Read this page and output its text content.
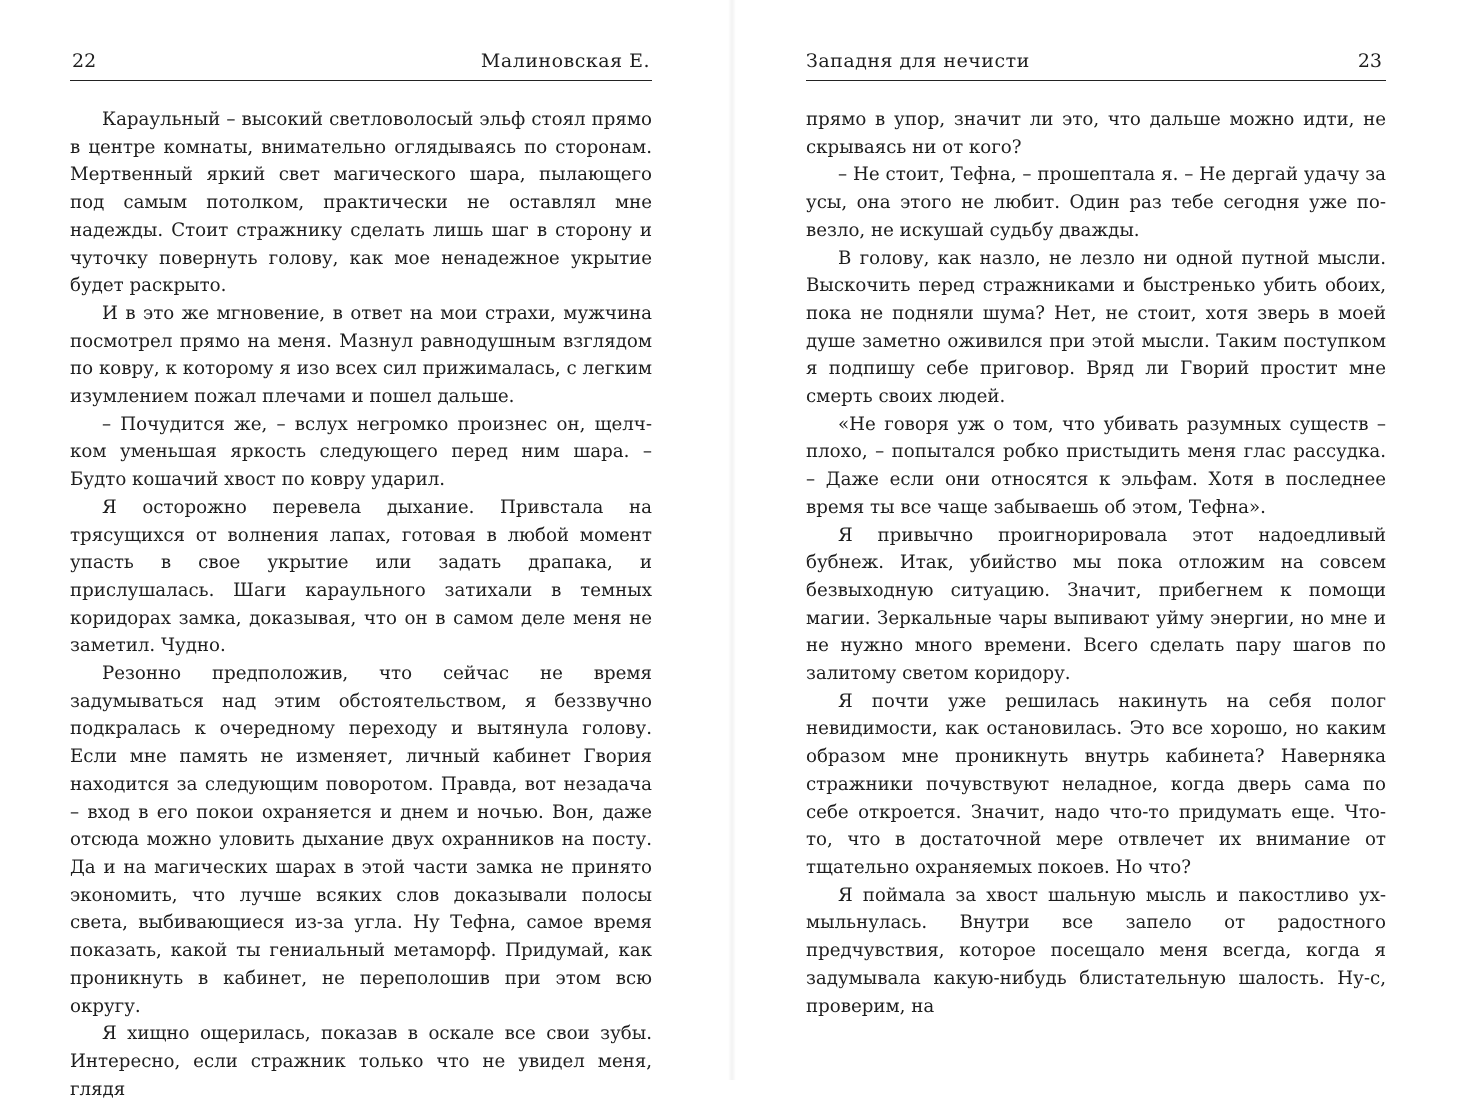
22	Малиновская Е.

Караульный – высокий светловолосый эльф стоял прямо в центре комнаты, внимательно оглядываясь по сторонам. Мертвенный яркий свет магического шара, пылающего под самым потолком, практически не оставлял мне надежды. Стоит стражнику сделать лишь шаг в сторону и чуточку повернуть голову, как мое ненадежное укрытие будет раскрыто.

И в это же мгновение, в ответ на мои страхи, мужчина посмотрел прямо на меня. Мазнул равнодушным взглядом по ковру, к которому я изо всех сил прижималась, с легким изумлением пожал плечами и пошел дальше.

– Почудится же, – вслух негромко произнес он, щелчком уменьшая яркость следующего перед ним шара. – Будто кошачий хвост по ковру ударил.

Я осторожно перевела дыхание. Привстала на трясущихся от волнения лапах, готовая в любой момент упасть в свое укрытие или задать драпака, и прислушалась. Шаги караульного затихали в темных коридорах замка, доказывая, что он в самом деле меня не заметил. Чудно.

Резонно предположив, что сейчас не время задумываться над этим обстоятельством, я беззвучно подкралась к очередному переходу и вытянула голову. Если мне память не изменяет, личный кабинет Гвория находится за следующим поворотом. Правда, вот незадача – вход в его покои охраняется и днем и ночью. Вон, даже отсюда можно уловить дыхание двух охранников на посту. Да и на магических шарах в этой части замка не принято экономить, что лучше всяких слов доказывали полосы света, выбивающиеся из-за угла. Ну Тефна, самое время показать, какой ты гениальный метаморф. Придумай, как проникнуть в кабинет, не переполошив при этом всю округу.

Я хищно ощерилась, показав в оскале все свои зубы. Интересно, если стражник только что не увидел меня, глядя

Западня для нечисти	23

прямо в упор, значит ли это, что дальше можно идти, не скрываясь ни от кого?

– Не стоит, Тефна, – прошептала я. – Не дергай удачу за усы, она этого не любит. Один раз тебе сегодня уже повезло, не искушай судьбу дважды.

В голову, как назло, не лезло ни одной путной мысли. Выскочить перед стражниками и быстренько убить обоих, пока не подняли шума? Нет, не стоит, хотя зверь в моей душе заметно оживился при этой мысли. Таким поступком я подпишу себе приговор. Вряд ли Гворий простит мне смерть своих людей.

«Не говоря уж о том, что убивать разумных существ – плохо, – попытался робко пристыдить меня глас рассудка. – Даже если они относятся к эльфам. Хотя в последнее время ты все чаще забываешь об этом, Тефна».

Я привычно проигнорировала этот надоедливый бубнеж. Итак, убийство мы пока отложим на совсем безвыходную ситуацию. Значит, прибегнем к помощи магии. Зеркальные чары выпивают уйму энергии, но мне и не нужно много времени. Всего сделать пару шагов по залитому светом коридору.

Я почти уже решилась накинуть на себя полог невидимости, как остановилась. Это все хорошо, но каким образом мне проникнуть внутрь кабинета? Наверняка стражники почувствуют неладное, когда дверь сама по себе откроется. Значит, надо что-то придумать еще. Что-то, что в достаточной мере отвлечет их внимание от тщательно охраняемых покоев. Но что?

Я поймала за хвост шальную мысль и пакостливо ухмыльнулась. Внутри все запело от радостного предчувствия, которое посещало меня всегда, когда я задумывала какую-нибудь блистательную шалость. Ну-с, проверим, на
